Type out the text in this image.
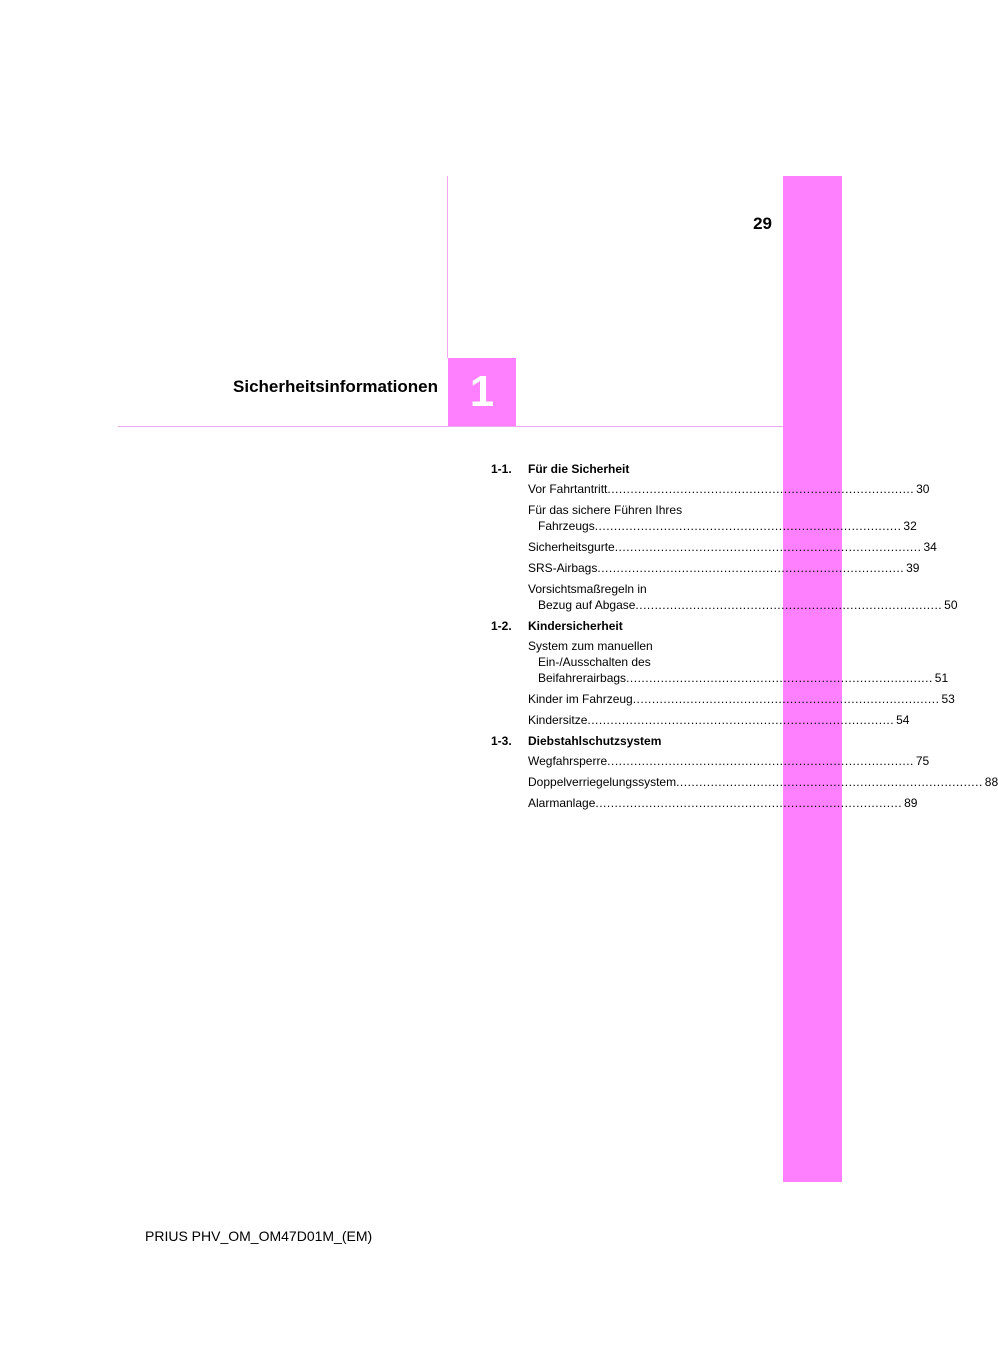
1
29
Sicherheitsinformationen
1-1.	Für die Sicherheit
Vor Fahrtantritt ................................................................................ 30
Für das sichere Führen Ihres
Fahrzeugs ................................................................................ 32
Sicherheitsgurte ................................................................................ 34
SRS-Airbags ................................................................................ 39
Vorsichtsmaßregeln in
Bezug auf Abgase ................................................................................ 50
1-2.	Kindersicherheit
System zum manuellen
Ein-/Ausschalten des
Beifahrerairbags ................................................................................ 51
Kinder im Fahrzeug ................................................................................ 53
Kindersitze ................................................................................ 54
1-3.	Diebstahlschutzsystem
Wegfahrsperre ................................................................................ 75
Doppelverriegelungssystem ................................................................................ 88
Alarmanlage ................................................................................ 89
PRIUS PHV_OM_OM47D01M_(EM)
